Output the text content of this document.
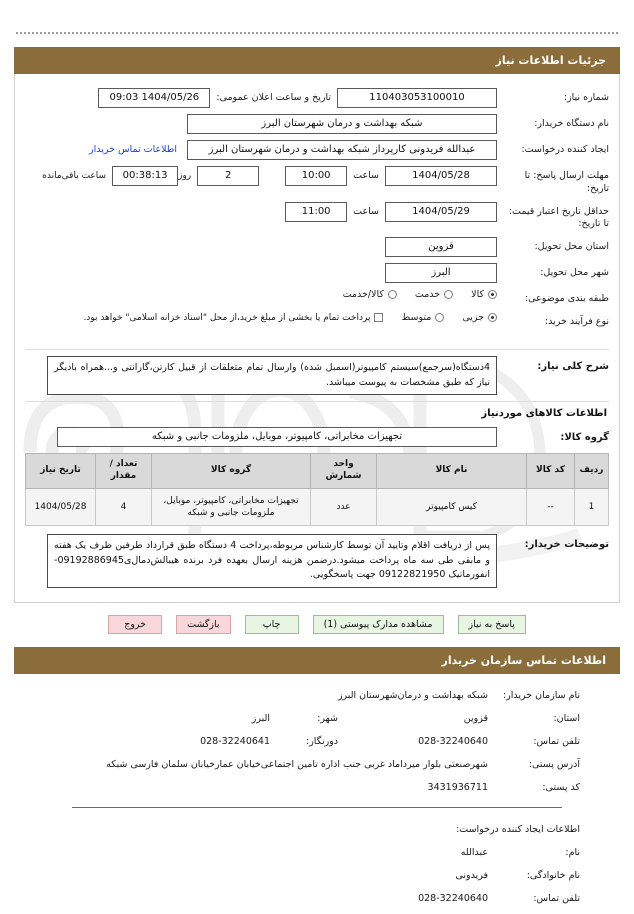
جزئیات اطلاعات نیاز
شماره نیاز:
110403053100010
تاریخ و ساعت اعلان عمومی:
1404/05/26 09:03
نام دستگاه خریدار:
شبکه بهداشت و درمان شهرستان البرز
ایجاد کننده درخواست:
عبدالله فریدونی کارپرداز شبکه بهداشت و درمان شهرستان البرز
اطلاعات تماس خریدار
مهلت ارسال پاسخ: تا تاریخ:
1404/05/28
ساعت
10:00
2
روز
00:38:13
ساعت باقی‌مانده
حداقل تاریخ اعتبار قیمت: تا تاریخ:
1404/05/29
ساعت
11:00
استان محل تحویل:
قزوین
شهر محل تحویل:
البرز
طبقه بندی موضوعی:
کالا
خدمت
کالا/خدمت
نوع فرآیند خرید:
جزیی
متوسط
پرداخت تمام یا بخشی از مبلغ خرید،از محل "اسناد خزانه اسلامی" خواهد بود.
شرح کلی نیاز:
4دستگاه(سرجمع)سیستم کامپیوتر(اسمبل شده) وارسال تمام متعلقات از قبیل کارتن،گارانتی و...همراه بادیگر نیاز که طبق مشخصات به پیوست میباشد.
اطلاعات کالاهای موردنیاز
گروه کالا:
تجهیزات مخابراتی، کامپیوتر، موبایل، ملزومات جانبی و شبکه
ردیف	کد کالا	نام کالا	واحد شمارش	گروه کالا	تعداد / مقدار	تاریخ نیاز
1	--	کیس کامپیوتر	عدد	تجهیزات مخابراتی، کامپیوتر، موبایل، ملزومات جانبی و شبکه	4	1404/05/28
توضیحات خریدار:
پس از دریافت اقلام وتایید آن توسط کارشناس مربوطه،پرداخت 4 دستگاه طبق قرارداد طرفین ظرف یک هفته و مابقی طی سه ماه پرداخت میشود.درضمن هزینه ارسال بعهده فرد برنده هیبا‌لش‌د‌مال‌ی09192886945- انفورماتیک 09122821950 جهت پاسخگویی.
پاسخ به نیاز
مشاهده مدارک پیوستی (1)
چاپ
بازگشت
خروج
اطلاعات تماس سازمان خریدار
نام سازمان خریدار:
شبکه بهداشت و درمان‌شهرستان البرز
استان:
قزوین
شهر:
البرز
تلفن تماس:
028-32240640
دورنگار:
028-32240641
آدرس پستی:
شهرصنعتی بلوار میرداماد غربی جنب اداره تامین اجتماعی‌خیابان عمار‌خیابان سلمان فارسی شبکه
کد پستی:
3431936711
اطلاعات ایجاد کننده درخواست:
نام:
عبدالله
نام خانوادگی:
فریدونی
تلفن تماس:
028-32240640
